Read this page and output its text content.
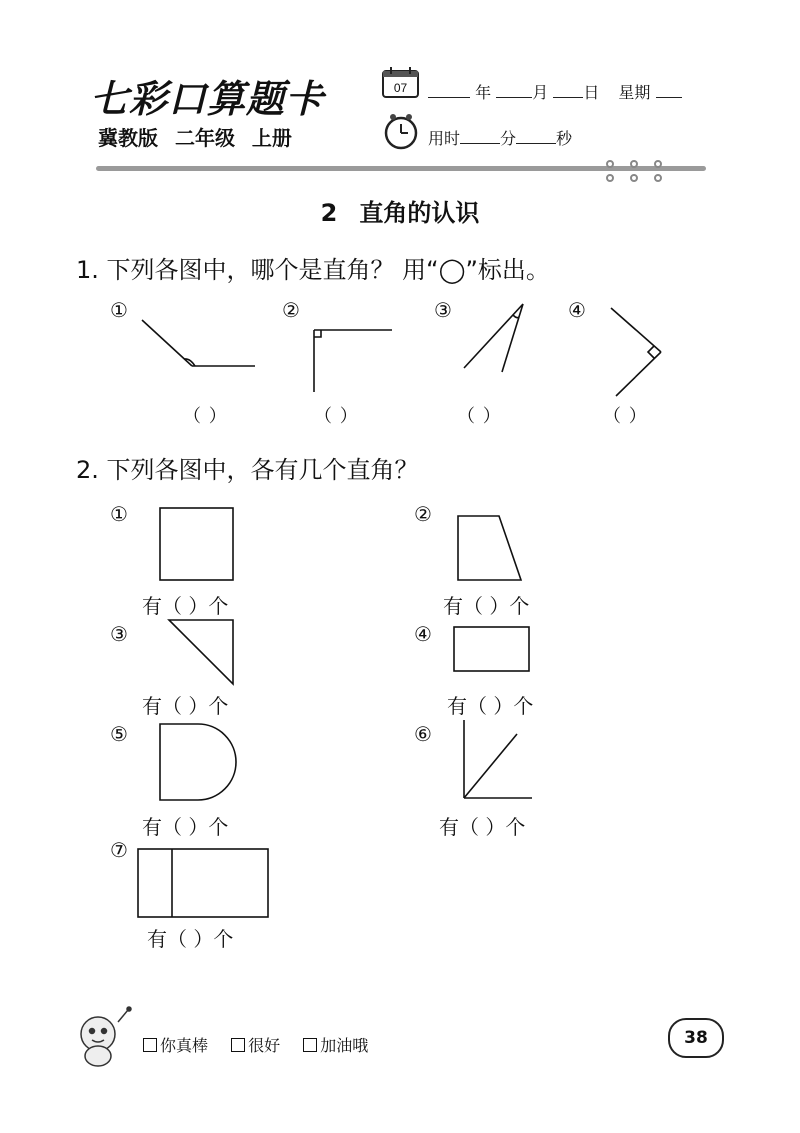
七彩口算题卡
冀教版 二年级 上册
07	年	月 日 星期
用时	分	秒
2 直角的认识
1. 下列各图中，哪个是直角？ 用“◯”标出。
①	②	③	④
（ ）	（ ）	（ ）	（ ）
2. 下列各图中，各有几个直角？
①	②
③	④
⑤	⑥
⑦
有（ ）个	有（ ）个
有（ ）个	有（ ）个
有（ ）个	有（ ）个
有（ ）个
你真棒
	很好
	加油哦	38
